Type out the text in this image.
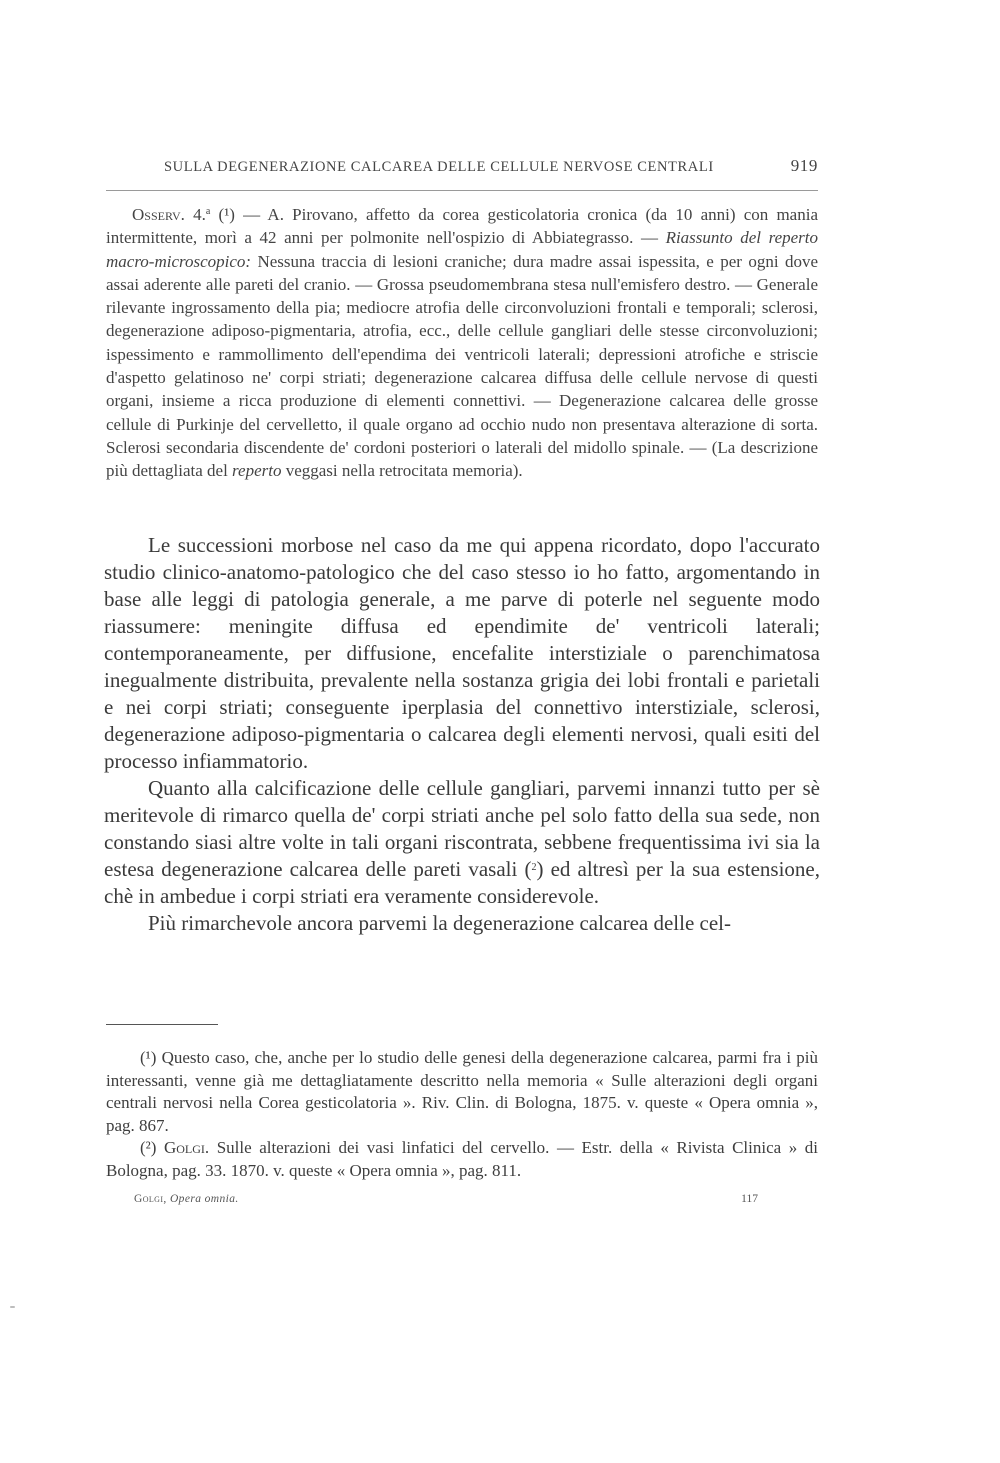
SULLA DEGENERAZIONE CALCAREA DELLE CELLULE NERVOSE CENTRALI	919

Osserv. 4.$^a$ (¹) — A. Pirovano, affetto da corea gesticolatoria cronica (da 10 anni) con mania intermittente, morì a 42 anni per polmonite nell'ospizio di Abbiategrasso. — Riassunto del reperto macro-microscopico: Nessuna traccia di lesioni craniche; dura madre assai ispessita, e per ogni dove assai aderente alle pareti del cranio. — Grossa pseudomembrana stesa null'emisfero destro. — Generale rilevante ingrossamento della pia; mediocre atrofia delle circonvoluzioni frontali e temporali; sclerosi, degenerazione adiposo-pigmentaria, atrofia, ecc., delle cellule gangliari delle stesse circonvoluzioni; ispessimento e rammollimento dell'ependima dei ventricoli laterali; depressioni atrofiche e striscie d'aspetto gelatinoso ne' corpi striati; degenerazione calcarea diffusa delle cellule nervose di questi organi, insieme a ricca produzione di elementi connettivi. — Degenerazione calcarea delle grosse cellule di Purkinje del cervelletto, il quale organo ad occhio nudo non presentava alterazione di sorta. Sclerosi secondaria discendente de' cordoni posteriori o laterali del midollo spinale. — (La descrizione più dettagliata del reperto veggasi nella retrocitata memoria).

Le successioni morbose nel caso da me qui appena ricordato, dopo l'accurato studio clinico-anatomo-patologico che del caso stesso io ho fatto, argomentando in base alle leggi di patologia generale, a me parve di poterle nel seguente modo riassumere: meningite diffusa ed ependimite de' ventricoli laterali; contemporaneamente, per diffusione, encefalite interstiziale o parenchimatosa inegualmente distribuita, prevalente nella sostanza grigia dei lobi frontali e parietali e nei corpi striati; conseguente iperplasia del connettivo interstiziale, sclerosi, degenerazione adiposo-pigmentaria o calcarea degli elementi nervosi, quali esiti del processo infiammatorio.

Quanto alla calcificazione delle cellule gangliari, parvemi innanzi tutto per sè meritevole di rimarco quella de' corpi striati anche pel solo fatto della sua sede, non constando siasi altre volte in tali organi riscontrata, sebbene frequentissima ivi sia la estesa degenerazione calcarea delle pareti vasali ($^2$) ed altresì per la sua estensione, chè in ambedue i corpi striati era veramente considerevole.

Più rimarchevole ancora parvemi la degenerazione calcarea delle cel-

(¹) Questo caso, che, anche per lo studio delle genesi della degenerazione calcarea, parmi fra i più interessanti, venne già me dettagliatamente descritto nella memoria « Sulle alterazioni degli organi centrali nervosi nella Corea gesticolatoria ». Riv. Clin. di Bologna, 1875. v. queste « Opera omnia », pag. 867.

(²) Golgi. Sulle alterazioni dei vasi linfatici del cervello. — Estr. della « Rivista Clinica » di Bologna, pag. 33. 1870. v. queste « Opera omnia », pag. 811.

Golgi, Opera omnia.	117
